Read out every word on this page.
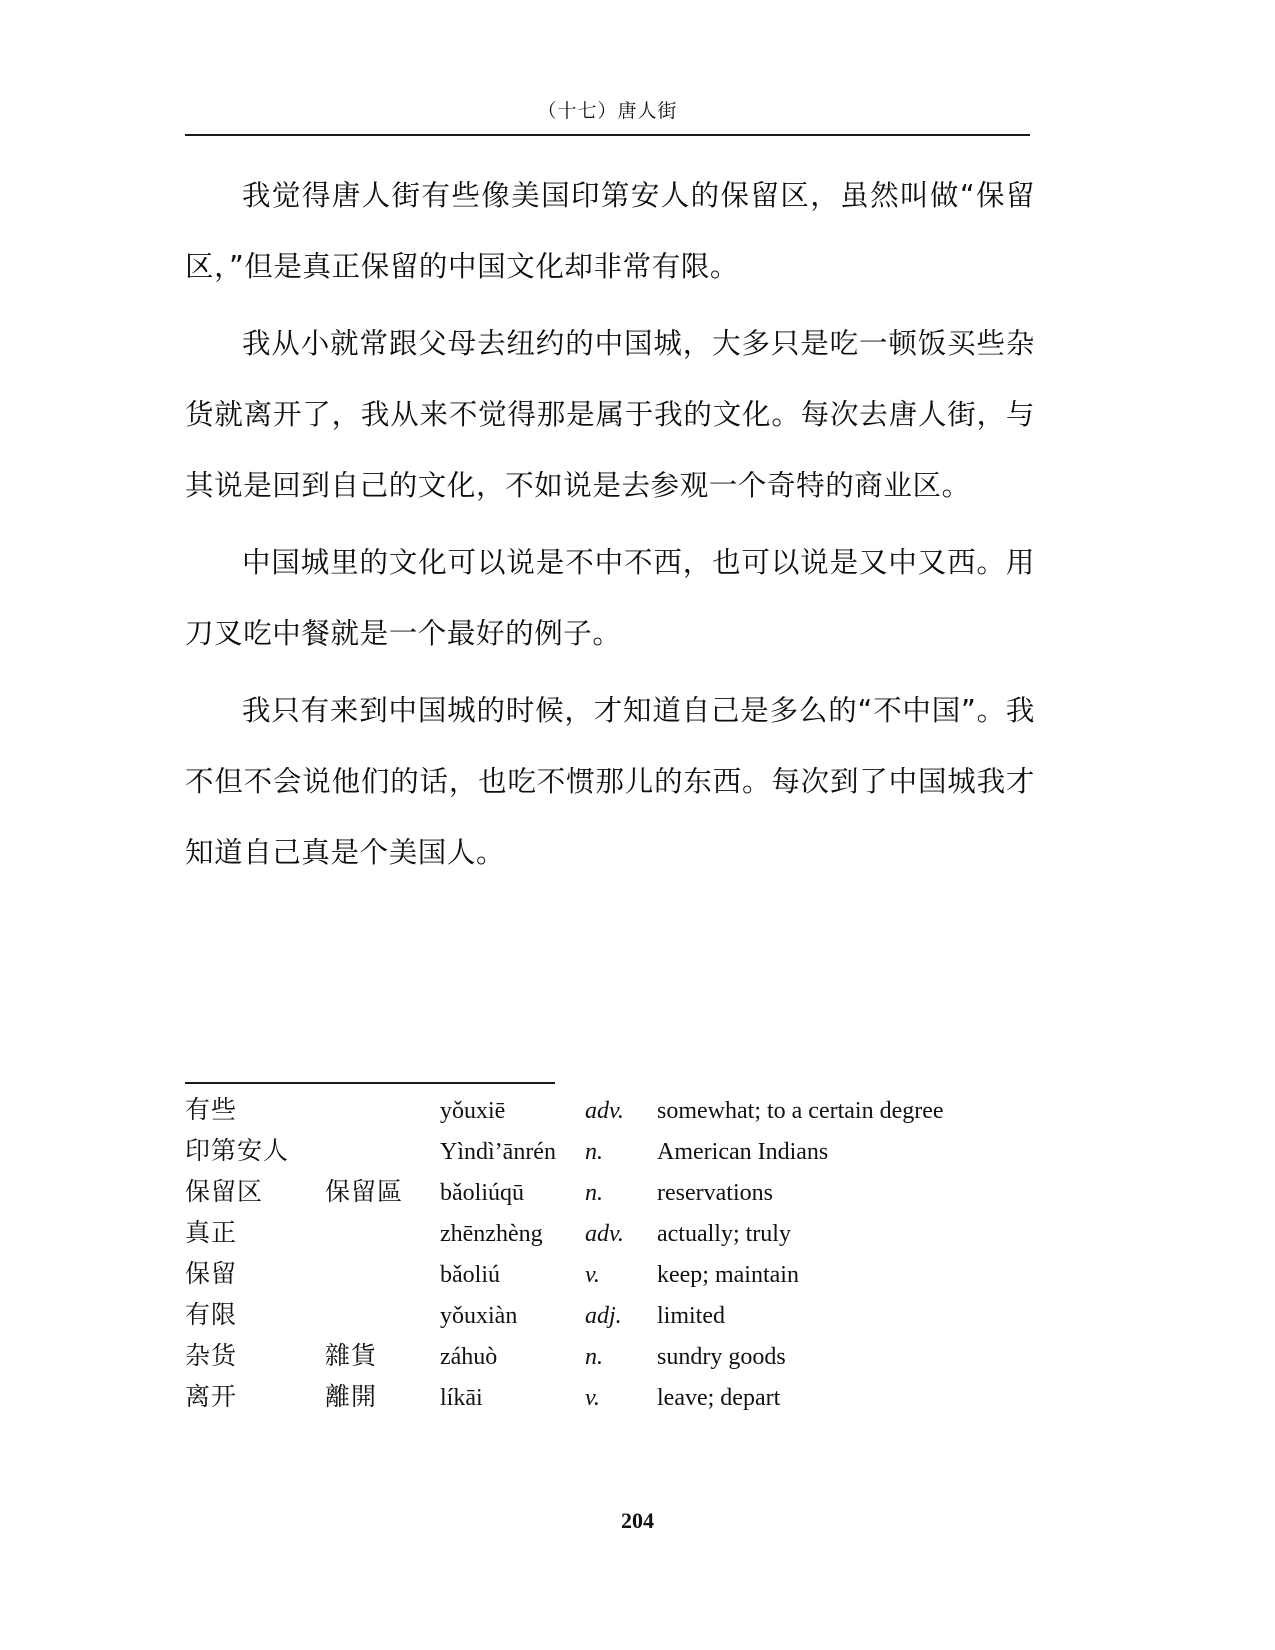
（十七）唐人街

我觉得唐人街有些像美国印第安人的保留区，虽然叫做“保留区，”但是真正保留的中国文化却非常有限。

我从小就常跟父母去纽约的中国城，大多只是吃一顿饭买些杂货就离开了，我从来不觉得那是属于我的文化。每次去唐人街，与其说是回到自己的文化，不如说是去参观一个奇特的商业区。

中国城里的文化可以说是不中不西，也可以说是又中又西。用刀叉吃中餐就是一个最好的例子。

我只有来到中国城的时候，才知道自己是多么的“不中国”。我不但不会说他们的话，也吃不惯那儿的东西。每次到了中国城我才知道自己真是个美国人。

有些		yǒuxiē	adv.	somewhat; to a certain degree
印第安人		Yìndì’ānrén	n.	American Indians
保留区	保留區	bǎoliúqū	n.	reservations
真正		zhēnzhèng	adv.	actually; truly
保留		bǎoliú	v.	keep; maintain
有限		yǒuxiàn	adj.	limited
杂货	雜貨	záhuò	n.	sundry goods
离开	離開	líkāi	v.	leave; depart
204
